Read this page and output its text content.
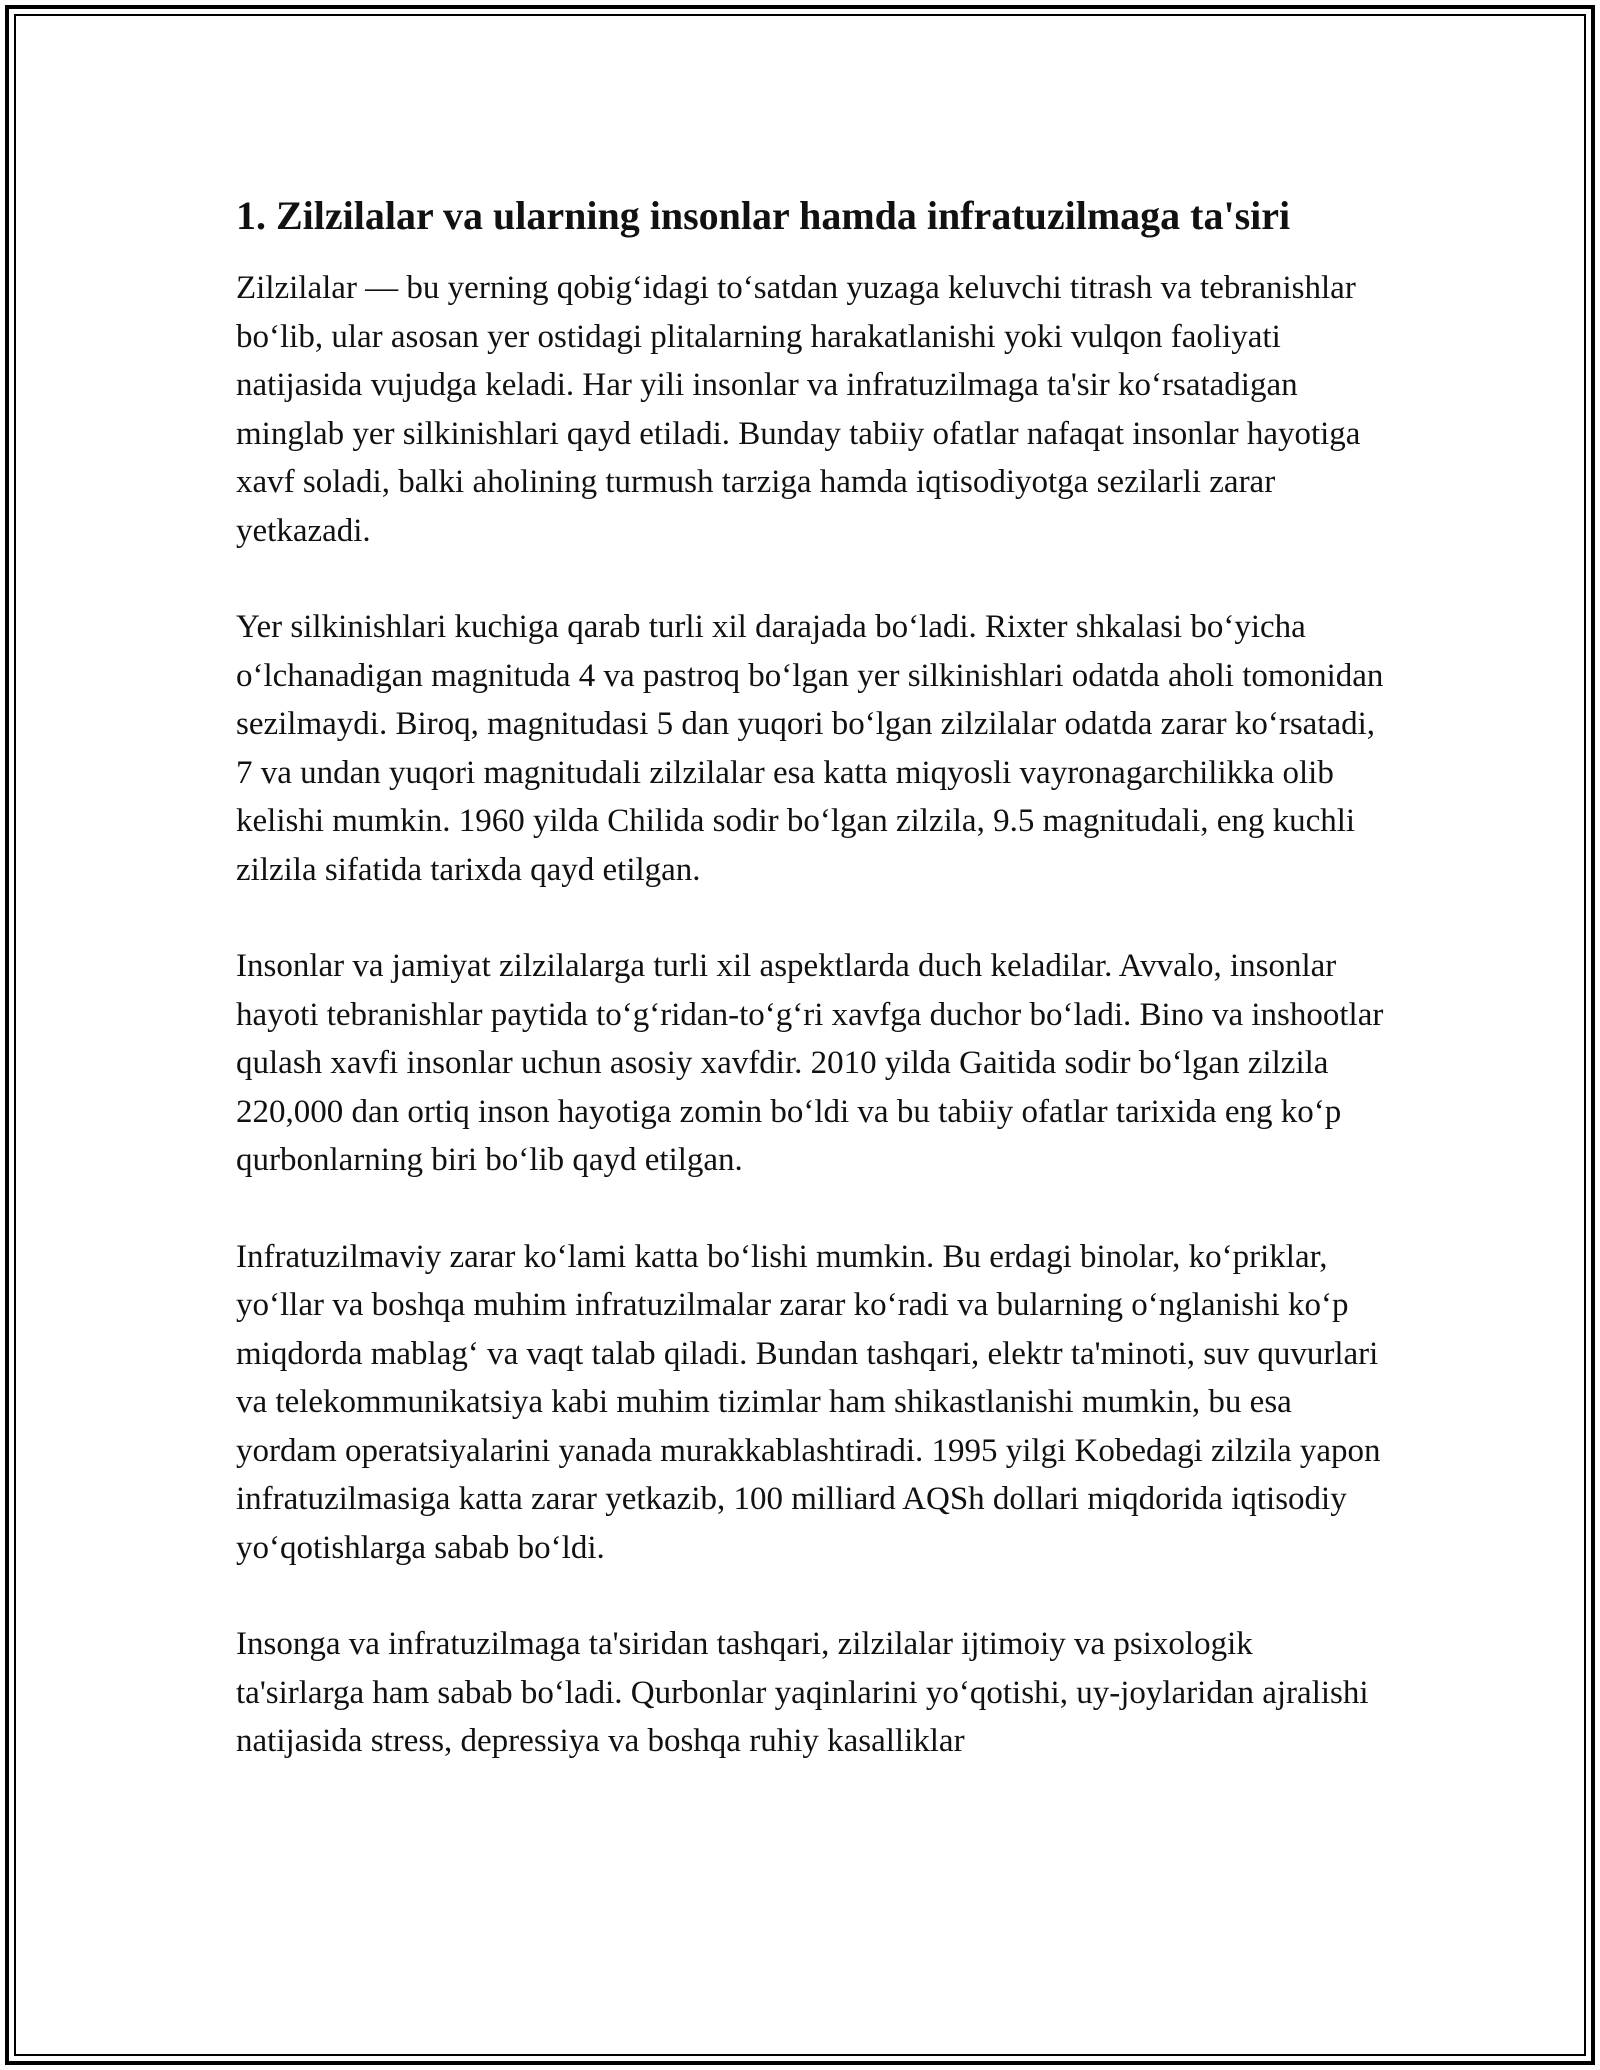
1. Zilzilalar va ularning insonlar hamda infratuzilmaga ta'siri

Zilzilalar — bu yerning qobig‘idagi to‘satdan yuzaga keluvchi titrash va tebranishlar bo‘lib, ular asosan yer ostidagi plitalarning harakatlanishi yoki vulqon faoliyati natijasida vujudga keladi. Har yili insonlar va infratuzilmaga ta'sir ko‘rsatadigan minglab yer silkinishlari qayd etiladi. Bunday tabiiy ofatlar nafaqat insonlar hayotiga xavf soladi, balki aholining turmush tarziga hamda iqtisodiyotga sezilarli zarar yetkazadi.

Yer silkinishlari kuchiga qarab turli xil darajada bo‘ladi. Rixter shkalasi bo‘yicha o‘lchanadigan magnituda 4 va pastroq bo‘lgan yer silkinishlari odatda aholi tomonidan sezilmaydi. Biroq, magnitudasi 5 dan yuqori bo‘lgan zilzilalar odatda zarar ko‘rsatadi, 7 va undan yuqori magnitudali zilzilalar esa katta miqyosli vayronagarchilikka olib kelishi mumkin. 1960 yilda Chilida sodir bo‘lgan zilzila, 9.5 magnitudali, eng kuchli zilzila sifatida tarixda qayd etilgan.

Insonlar va jamiyat zilzilalarga turli xil aspektlarda duch keladilar. Avvalo, insonlar hayoti tebranishlar paytida to‘g‘ridan-to‘g‘ri xavfga duchor bo‘ladi. Bino va inshootlar qulash xavfi insonlar uchun asosiy xavfdir. 2010 yilda Gaitida sodir bo‘lgan zilzila 220,000 dan ortiq inson hayotiga zomin bo‘ldi va bu tabiiy ofatlar tarixida eng ko‘p qurbonlarning biri bo‘lib qayd etilgan.

Infratuzilmaviy zarar ko‘lami katta bo‘lishi mumkin. Bu erdagi binolar, ko‘priklar, yo‘llar va boshqa muhim infratuzilmalar zarar ko‘radi va bularning o‘nglanishi ko‘p miqdorda mablag‘ va vaqt talab qiladi. Bundan tashqari, elektr ta'minoti, suv quvurlari va telekommunikatsiya kabi muhim tizimlar ham shikastlanishi mumkin, bu esa yordam operatsiyalarini yanada murakkablashtiradi. 1995 yilgi Kobedagi zilzila yapon infratuzilmasiga katta zarar yetkazib, 100 milliard AQSh dollari miqdorida iqtisodiy yo‘qotishlarga sabab bo‘ldi.

Insonga va infratuzilmaga ta'siridan tashqari, zilzilalar ijtimoiy va psixologik ta'sirlarga ham sabab bo‘ladi. Qurbonlar yaqinlarini yo‘qotishi, uy-joylaridan ajralishi natijasida stress, depressiya va boshqa ruhiy kasalliklar
